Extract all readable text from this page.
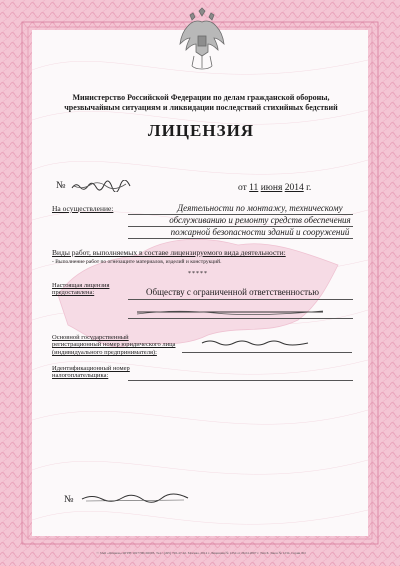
Министерство Российской Федерации по делам гражданской обороны,
чрезвычайным ситуациям и ликвидации последствий стихийных бедствий
ЛИЦЕНЗИЯ
№	от 11 июня 2014 г.
На осуществление:	Деятельности по монтажу, техническому
обслуживанию и ремонту средств обеспечения
пожарной безопасности зданий и сооружений
Виды работ, выполняемых в составе лицензируемого вида деятельности:
- Выполнение работ по огнезащите материалов, изделий и конструкций.
*****
Настоящая лицензия
предоставлена:	Обществу с ограниченной ответственностью
Основной государственный
регистрационный номер юридического лица
(индивидуального предпринимателя):
Идентификационный номер
налогоплательщика:
№
© ЗАО «Опцион» ОГРН 1027700192003. Тел.: (495) 726-47-42. Москва, 2014 г. Лицензия № 1254 от 26.04.2007 г. Тип Б. Заказ № 1234. Серия ЛО
